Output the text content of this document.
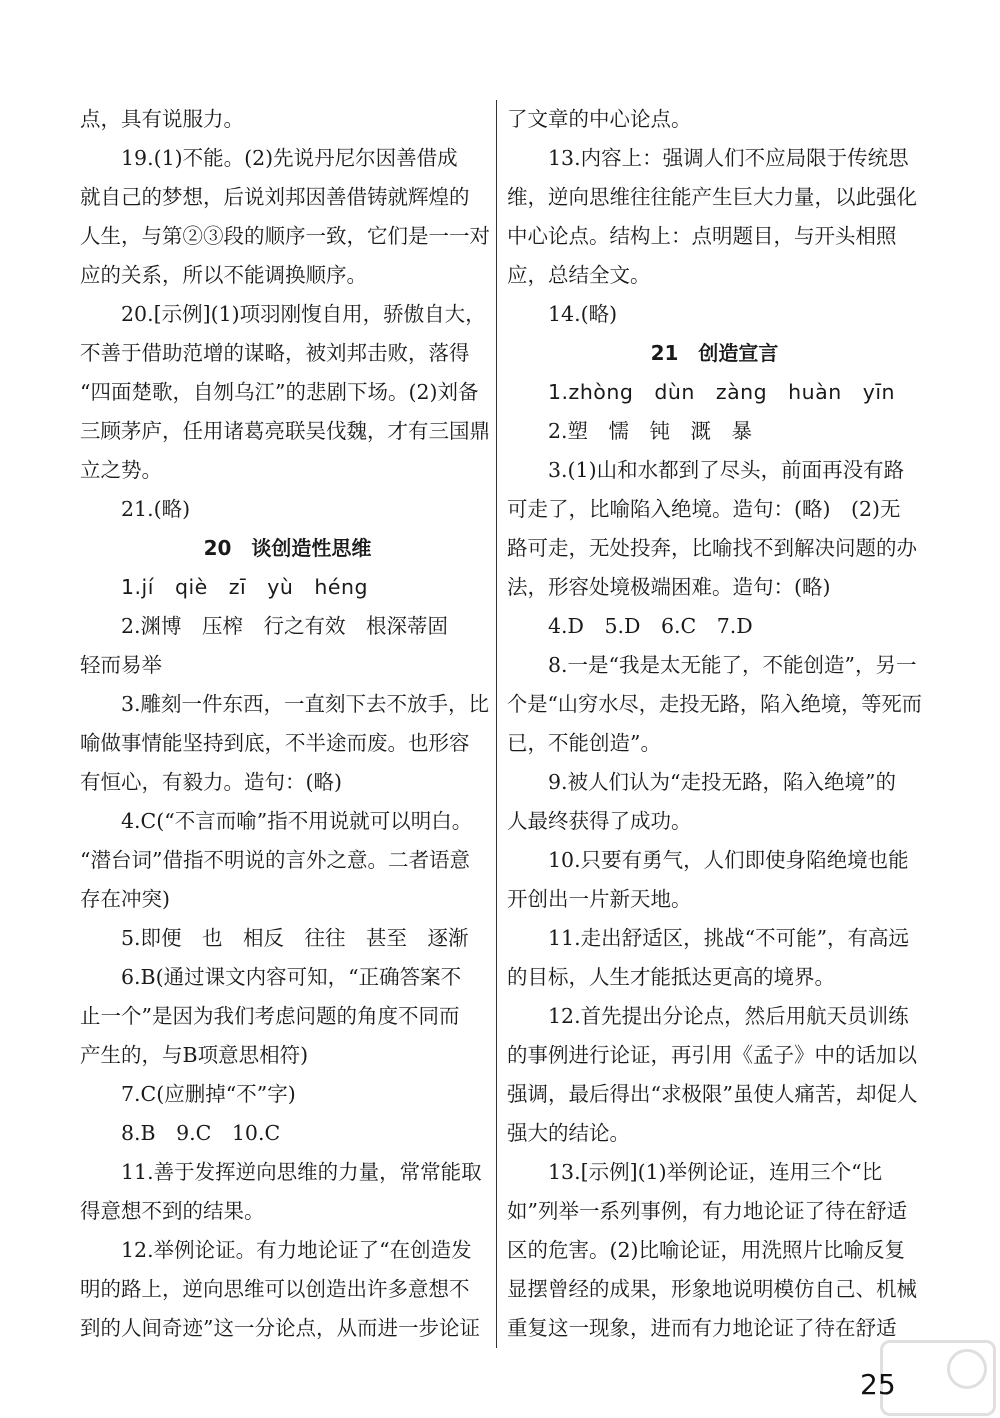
点，具有说服力。
19.(1)不能。(2)先说丹尼尔因善借成
就自己的梦想，后说刘邦因善借铸就辉煌的
人生，与第②③段的顺序一致，它们是一一对
应的关系，所以不能调换顺序。
20.[示例](1)项羽刚愎自用，骄傲自大，
不善于借助范增的谋略，被刘邦击败，落得
“四面楚歌，自刎乌江”的悲剧下场。(2)刘备
三顾茅庐，任用诸葛亮联吴伐魏，才有三国鼎
立之势。
21.(略)
20　谈创造性思维
1.jí　qiè　zī　yù　héng
2.渊博　压榨　行之有效　根深蒂固
轻而易举
3.雕刻一件东西，一直刻下去不放手，比
喻做事情能坚持到底，不半途而废。也形容
有恒心，有毅力。造句：(略)
4.C(“不言而喻”指不用说就可以明白。
“潜台词”借指不明说的言外之意。二者语意
存在冲突)
5.即便　也　相反　往往　甚至　逐渐
6.B(通过课文内容可知，“正确答案不
止一个”是因为我们考虑问题的角度不同而
产生的，与B项意思相符)
7.C(应删掉“不”字)
8.B　9.C　10.C
11.善于发挥逆向思维的力量，常常能取
得意想不到的结果。
12.举例论证。有力地论证了“在创造发
明的路上，逆向思维可以创造出许多意想不
到的人间奇迹”这一分论点，从而进一步论证
了文章的中心论点。
13.内容上：强调人们不应局限于传统思
维，逆向思维往往能产生巨大力量，以此强化
中心论点。结构上：点明题目，与开头相照
应，总结全文。
14.(略)
21　创造宣言
1.zhòng　dùn　zàng　huàn　yīn
2.塑　懦　钝　溉　暴
3.(1)山和水都到了尽头，前面再没有路
可走了，比喻陷入绝境。造句：(略)　(2)无
路可走，无处投奔，比喻找不到解决问题的办
法，形容处境极端困难。造句：(略)
4.D　5.D　6.C　7.D
8.一是“我是太无能了，不能创造”，另一
个是“山穷水尽，走投无路，陷入绝境，等死而
已，不能创造”。
9.被人们认为“走投无路，陷入绝境”的
人最终获得了成功。
10.只要有勇气，人们即使身陷绝境也能
开创出一片新天地。
11.走出舒适区，挑战“不可能”，有高远
的目标，人生才能抵达更高的境界。
12.首先提出分论点，然后用航天员训练
的事例进行论证，再引用《孟子》中的话加以
强调，最后得出“求极限”虽使人痛苦，却促人
强大的结论。
13.[示例](1)举例论证，连用三个“比
如”列举一系列事例，有力地论证了待在舒适
区的危害。(2)比喻论证，用洗照片比喻反复
显摆曾经的成果，形象地说明模仿自己、机械
重复这一现象，进而有力地论证了待在舒适
25
